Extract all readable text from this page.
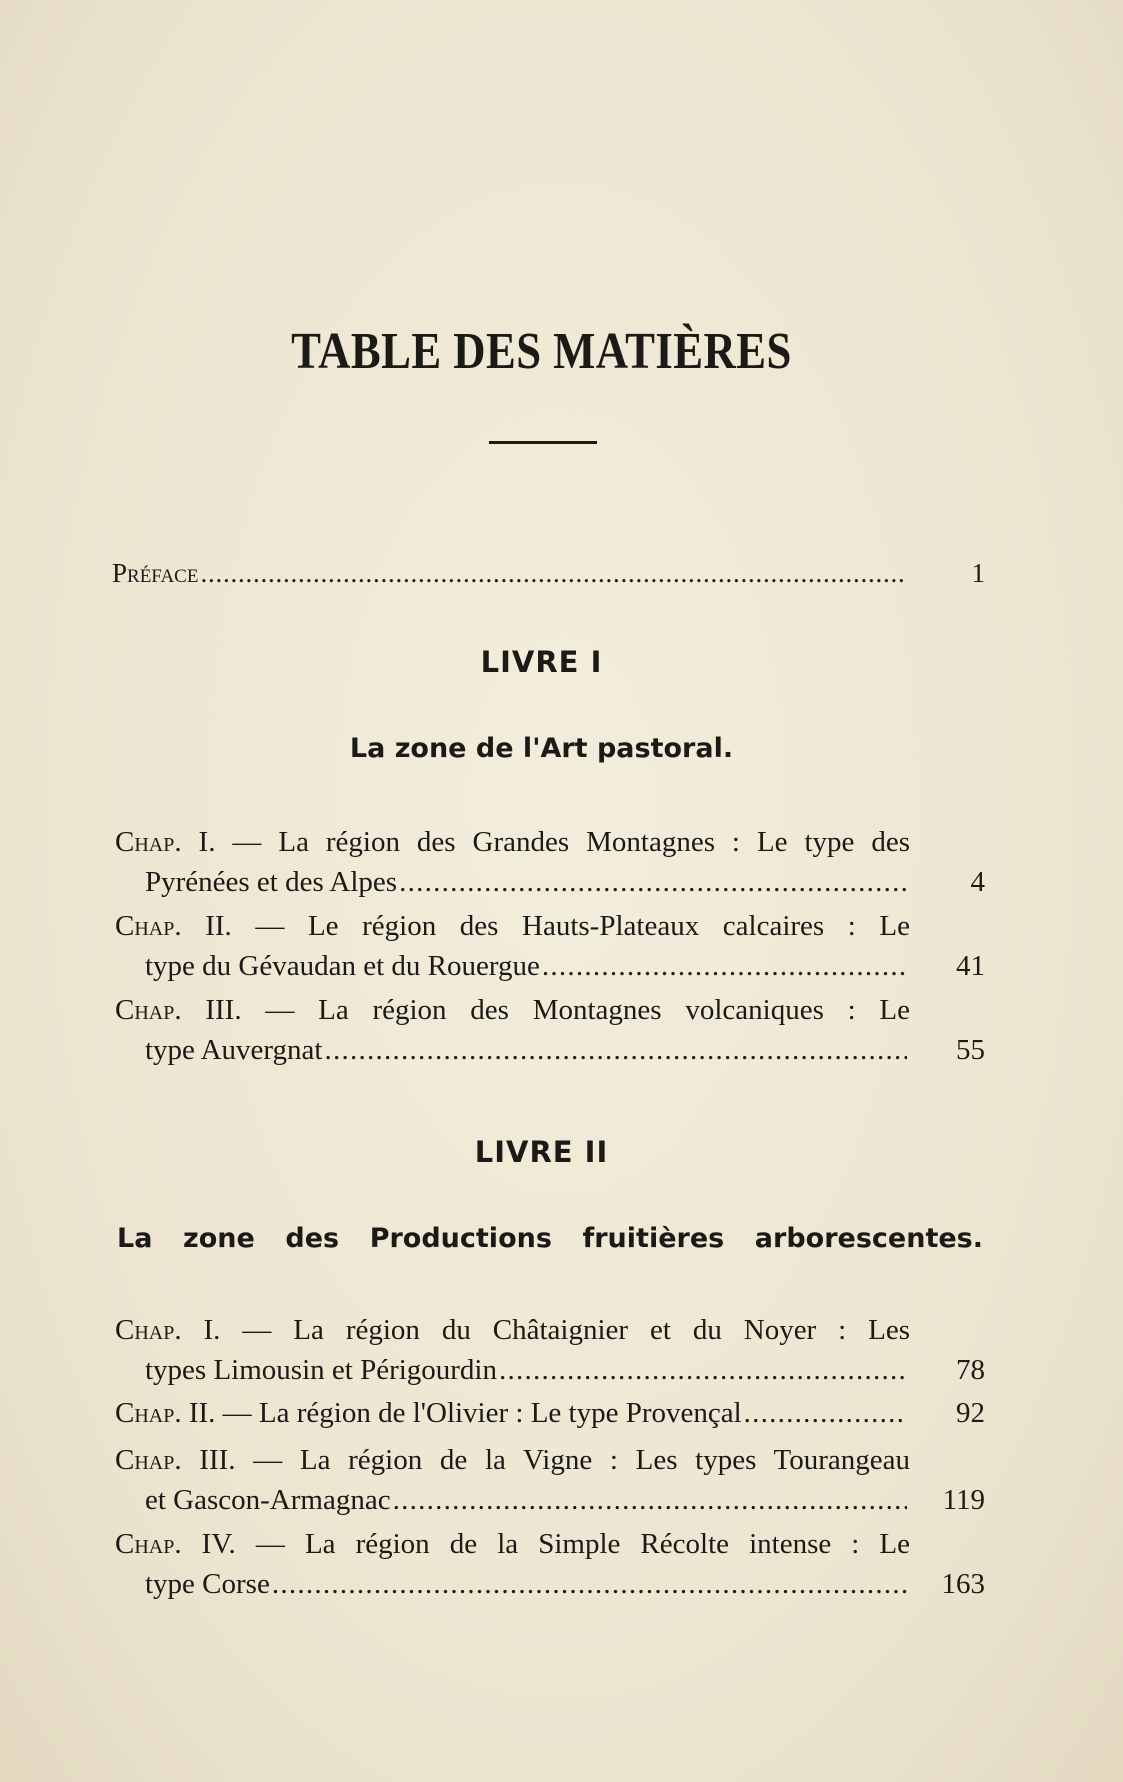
TABLE DES MATIÈRES
Préface . . .	1
LIVRE I
La zone de l'Art pastoral.
Chap. I. — La région des Grandes Montagnes : Le type des
Pyrénées et des Alpes . . .	4
Chap. II. — Le région des Hauts-Plateaux calcaires : Le
type du Gévaudan et du Rouergue . . .	41
Chap. III. — La région des Montagnes volcaniques : Le
type Auvergnat . . .	55
LIVRE II
La zone des Productions fruitières arborescentes.
Chap. I. — La région du Châtaignier et du Noyer : Les
types Limousin et Périgourdin . . .	78
Chap. II.
— La région de l'Olivier : Le type Provençal . . .	92
Chap. III. — La région de la Vigne : Les types Tourangeau
et Gascon-Armagnac . . .	119
Chap. IV. — La région de la Simple Récolte intense : Le
type Corse . . .	163
